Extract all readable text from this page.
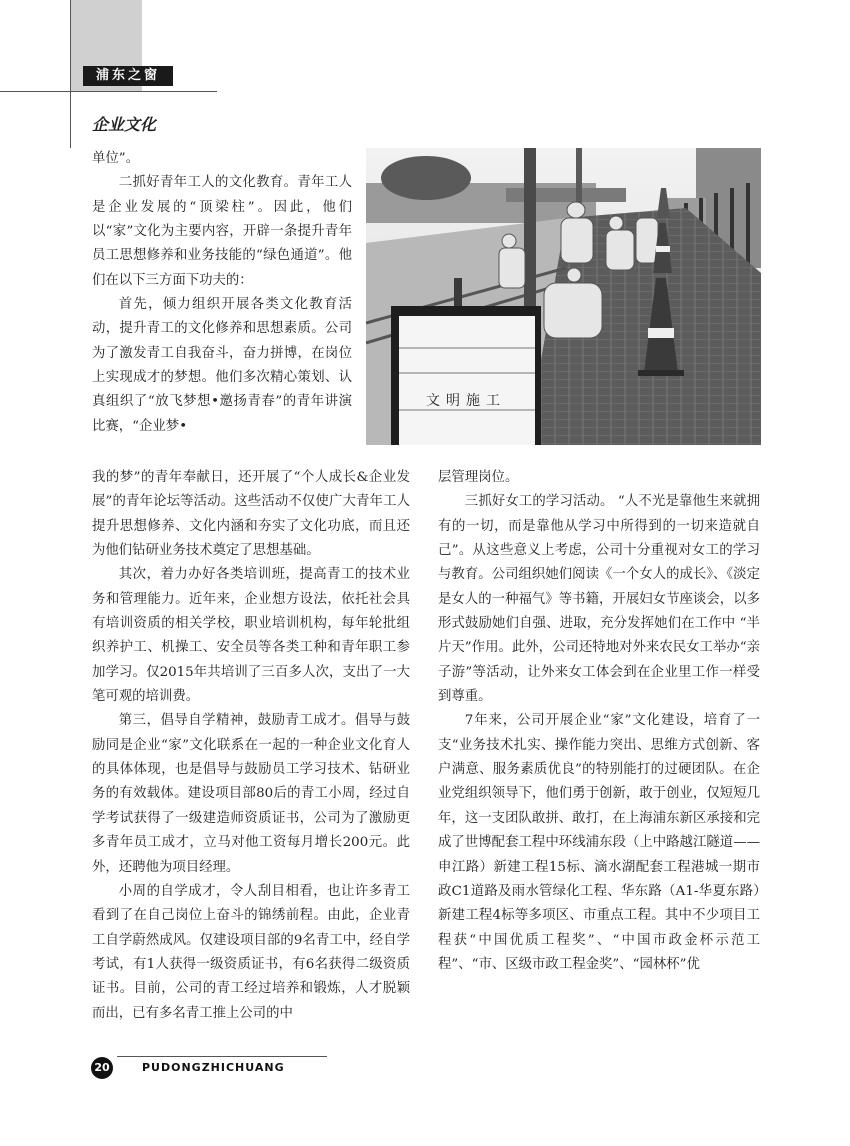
浦东之窗
企业文化
文明施工

单位”。

二抓好青年工人的文化教育。青年工人是企业发展的“顶梁柱”。因此，他们以“家”文化为主要内容，开辟一条提升青年员工思想修养和业务技能的“绿色通道”。他们在以下三方面下功夫的：

首先，倾力组织开展各类文化教育活动，提升青工的文化修养和思想素质。公司为了激发青工自我奋斗，奋力拼博，在岗位上实现成才的梦想。他们多次精心策划、认真组织了“放飞梦想•邀扬青春”的青年讲演比赛，“企业梦•

我的梦”的青年奉献日，还开展了“个人成长&企业发展”的青年论坛等活动。这些活动不仅使广大青年工人提升思想修养、文化内涵和夯实了文化功底，而且还为他们钻研业务技术奠定了思想基础。

其次，着力办好各类培训班，提高青工的技术业务和管理能力。近年来，企业想方设法，依托社会具有培训资质的相关学校，职业培训机构，每年轮批组织养护工、机操工、安全员等各类工种和青年职工参加学习。仅2015年共培训了三百多人次，支出了一大笔可观的培训费。

第三，倡导自学精神，鼓励青工成才。倡导与鼓励同是企业“家”文化联系在一起的一种企业文化育人的具体体现，也是倡导与鼓励员工学习技术、钻研业务的有效载体。建设项目部80后的青工小周，经过自学考试获得了一级建造师资质证书，公司为了激励更多青年员工成才，立马对他工资每月增长200元。此外，还聘他为项目经理。

小周的自学成才，令人刮目相看，也让许多青工看到了在自己岗位上奋斗的锦绣前程。由此，企业青工自学蔚然成风。仅建设项目部的9名青工中，经自学考试，有1人获得一级资质证书，有6名获得二级资质证书。目前，公司的青工经过培养和锻炼，人才脱颖而出，已有多名青工推上公司的中

层管理岗位。

三抓好女工的学习活动。 “人不光是靠他生来就拥有的一切，而是靠他从学习中所得到的一切来造就自己”。从这些意义上考虑，公司十分重视对女工的学习与教育。公司组织她们阅读《一个女人的成长》、《淡定是女人的一种福气》等书籍，开展妇女节座谈会，以多形式鼓励她们自强、进取，充分发挥她们在工作中 “半片天”作用。此外，公司还特地对外来农民女工举办“亲子游”等活动，让外来女工体会到在企业里工作一样受到尊重。

7年来，公司开展企业“家”文化建设，培育了一支“业务技术扎实、操作能力突出、思维方式创新、客户满意、服务素质优良”的特别能打的过硬团队。在企业党组织领导下，他们勇于创新，敢于创业，仅短短几年，这一支团队敢拼、敢打，在上海浦东新区承接和完成了世博配套工程中环线浦东段（上中路越江隧道——申江路）新建工程15标、滴水湖配套工程港城一期市政C1道路及雨水管绿化工程、华东路（A1-华夏东路）新建工程4标等多项区、市重点工程。其中不少项目工程获“中国优质工程奖”、“中国市政金杯示范工程”、“市、区级市政工程金奖”、“园林杯”优

20	PUDONGZHICHUANG
